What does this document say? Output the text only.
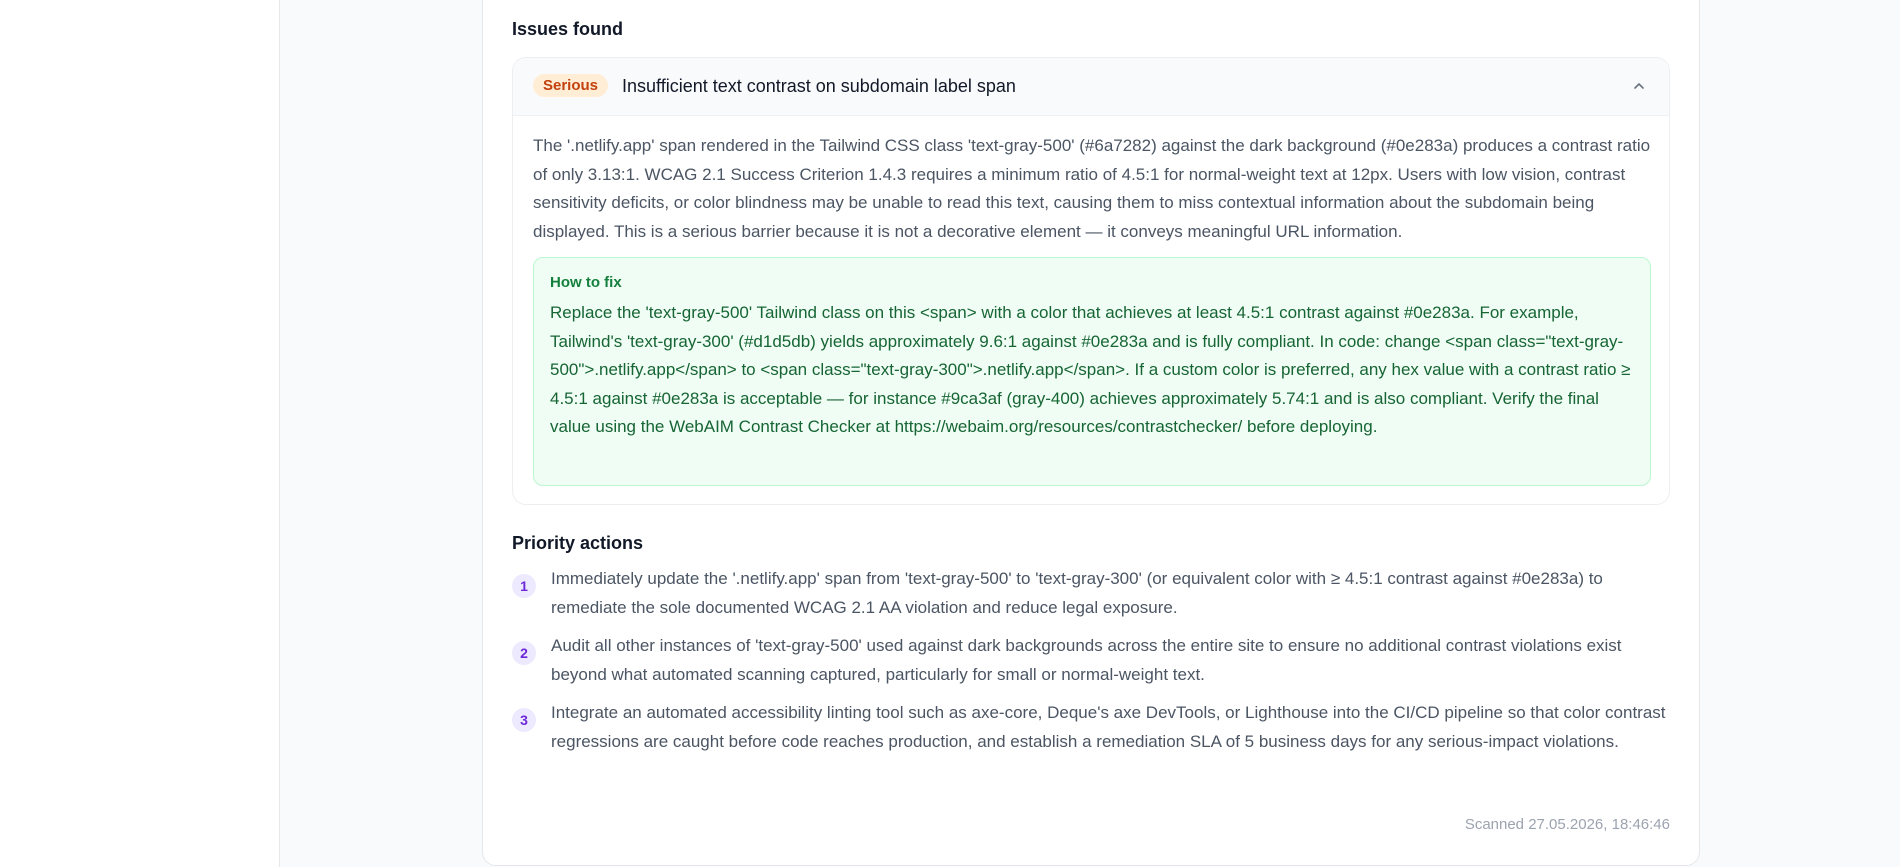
Issues found
Serious	Insufficient text contrast on subdomain label span
The '.netlify.app' span rendered in the Tailwind CSS class 'text-gray-500' (#6a7282) against the dark background (#0e283a) produces a contrast ratio of only 3.13:1. WCAG 2.1 Success Criterion 1.4.3 requires a minimum ratio of 4.5:1 for normal-weight text at 12px. Users with low vision, contrast sensitivity deficits, or color blindness may be unable to read this text, causing them to miss contextual information about the subdomain being displayed. This is a serious barrier because it is not a decorative element — it conveys meaningful URL information.
How to fix
Replace the 'text-gray-500' Tailwind class on this <span> with a color that achieves at least 4.5:1 contrast against #0e283a. For example, Tailwind's 'text-gray-300' (#d1d5db) yields approximately 9.6:1 against #0e283a and is fully compliant. In code: change <span class="text-gray-500">.netlify.app</span> to <span class="text-gray-300">.netlify.app</span>. If a custom color is preferred, any hex value with a contrast ratio ≥ 4.5:1 against #0e283a is acceptable — for instance #9ca3af (gray-400) achieves approximately 5.74:1 and is also compliant. Verify the final value using the WebAIM Contrast Checker at https://webaim.org/resources/contrastchecker/ before deploying.
Priority actions
1	Immediately update the '.netlify.app' span from 'text-gray-500' to 'text-gray-300' (or equivalent color with ≥ 4.5:1 contrast against #0e283a) to remediate the sole documented WCAG 2.1 AA violation and reduce legal exposure.
2	Audit all other instances of 'text-gray-500' used against dark backgrounds across the entire site to ensure no additional contrast violations exist beyond what automated scanning captured, particularly for small or normal-weight text.
3	Integrate an automated accessibility linting tool such as axe-core, Deque's axe DevTools, or Lighthouse into the CI/CD pipeline so that color contrast regressions are caught before code reaches production, and establish a remediation SLA of 5 business days for any serious-impact violations.
Scanned 27.05.2026, 18:46:46
